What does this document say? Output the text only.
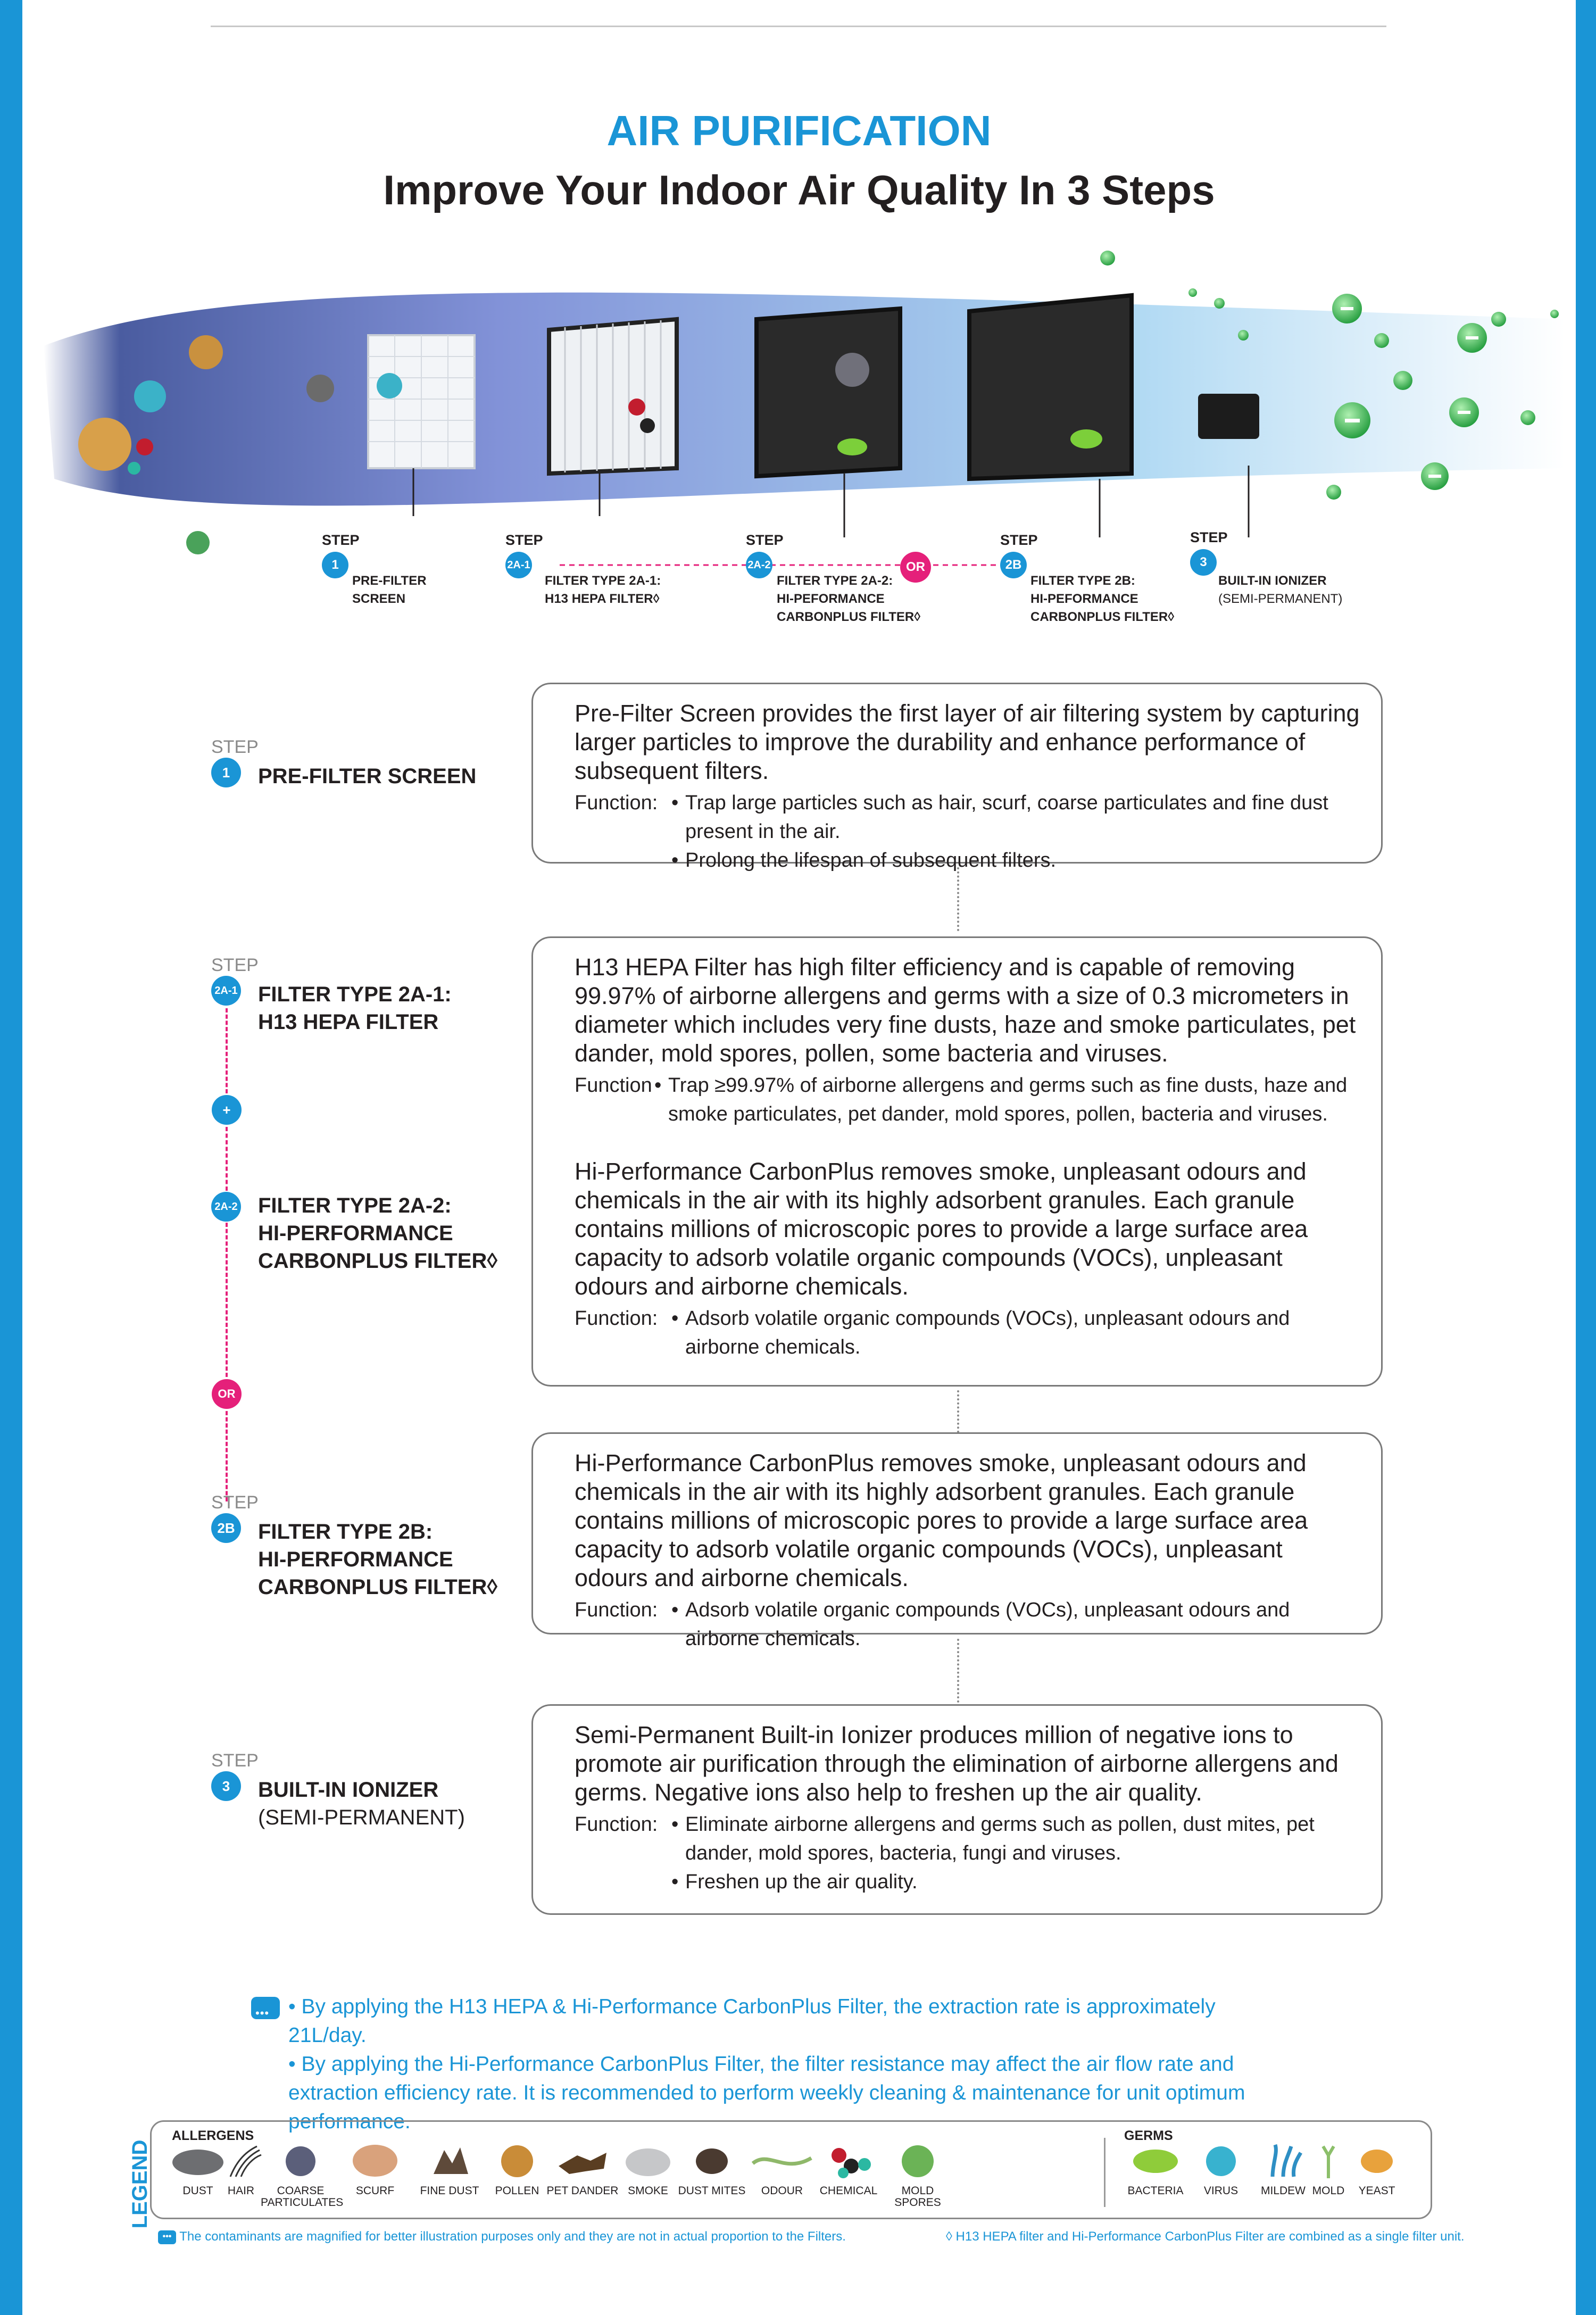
AIR PURIFICATION
Improve Your Indoor Air Quality In 3 Steps
STEP
1
PRE-FILTER
SCREEN
STEP
2A-1
FILTER TYPE 2A-1:
H13 HEPA FILTER◊
STEP
2A-2
FILTER TYPE 2A-2:
HI-PEFORMANCE
CARBONPLUS FILTER◊
OR
STEP
2B
FILTER TYPE 2B:
HI-PEFORMANCE
CARBONPLUS FILTER◊
STEP
3
BUILT-IN IONIZER
(SEMI-PERMANENT)
STEP
1 PRE-FILTER SCREEN
STEP
2A-1 FILTER TYPE 2A-1:
H13 HEPA FILTER
+
2A-2 FILTER TYPE 2A-2:
HI-PERFORMANCE
CARBONPLUS FILTER◊
OR
STEP
2B FILTER TYPE 2B:
HI-PERFORMANCE
CARBONPLUS FILTER◊
STEP
3 BUILT-IN IONIZER
(SEMI-PERMANENT)

Pre-Filter Screen provides the first layer of air filtering system by capturing larger particles to improve the durability and enhance performance of subsequent filters.

Function:	• Trap large particles such as hair, scurf, coarse particulates and fine dust present in the air.
• Prolong the lifespan of subsequent filters.

H13 HEPA Filter has high filter efficiency and is capable of removing 99.97% of airborne allergens and germs with a size of 0.3 micrometers in diameter which includes very fine dusts, haze and smoke particulates, pet dander, mold spores, pollen, some bacteria and viruses.

Function • Trap ≥99.97% of airborne allergens and germs such as fine dusts, haze and smoke particulates, pet dander, mold spores, pollen, bacteria and viruses.

Hi-Performance CarbonPlus removes smoke, unpleasant odours and chemicals in the air with its highly adsorbent granules. Each granule contains millions of microscopic pores to provide a large surface area capacity to adsorb volatile organic compounds (VOCs), unpleasant odours and airborne chemicals.

Function:	• Adsorb volatile organic compounds (VOCs), unpleasant odours and airborne chemicals.

Hi-Performance CarbonPlus removes smoke, unpleasant odours and chemicals in the air with its highly adsorbent granules. Each granule contains millions of microscopic pores to provide a large surface area capacity to adsorb volatile organic compounds (VOCs), unpleasant odours and airborne chemicals.

Function:	• Adsorb volatile organic compounds (VOCs), unpleasant odours and airborne chemicals.

Semi-Permanent Built-in Ionizer produces million of negative ions to promote air purification through the elimination of airborne allergens and germs. Negative ions also help to freshen up the air quality.

Function:	• Eliminate airborne allergens and germs such as pollen, dust mites, pet dander, mold spores, bacteria, fungi and viruses.
• Freshen up the air quality.
•••
• By applying the H13 HEPA & Hi-Performance CarbonPlus Filter, the extraction rate is approximately 21L/day.
• By applying the Hi-Performance CarbonPlus Filter, the filter resistance may affect the air flow rate and extraction efficiency rate. It is recommended to perform weekly cleaning & maintenance for unit optimum performance.
LEGEND
ALLERGENS	GERMS
DUST	HAIR	COARSE PARTICULATES
SCURF	FINE DUST	POLLEN PET DANDER SMOKE DUST MITES	ODOUR	CHEMICAL	MOLD SPORES
BACTERIA	VIRUS	MILDEW MOLD	YEAST
••• The contaminants are magnified for better illustration purposes only and they are not in actual proportion to the Filters.	◊ H13 HEPA filter and Hi-Performance CarbonPlus Filter are combined as a single filter unit.
